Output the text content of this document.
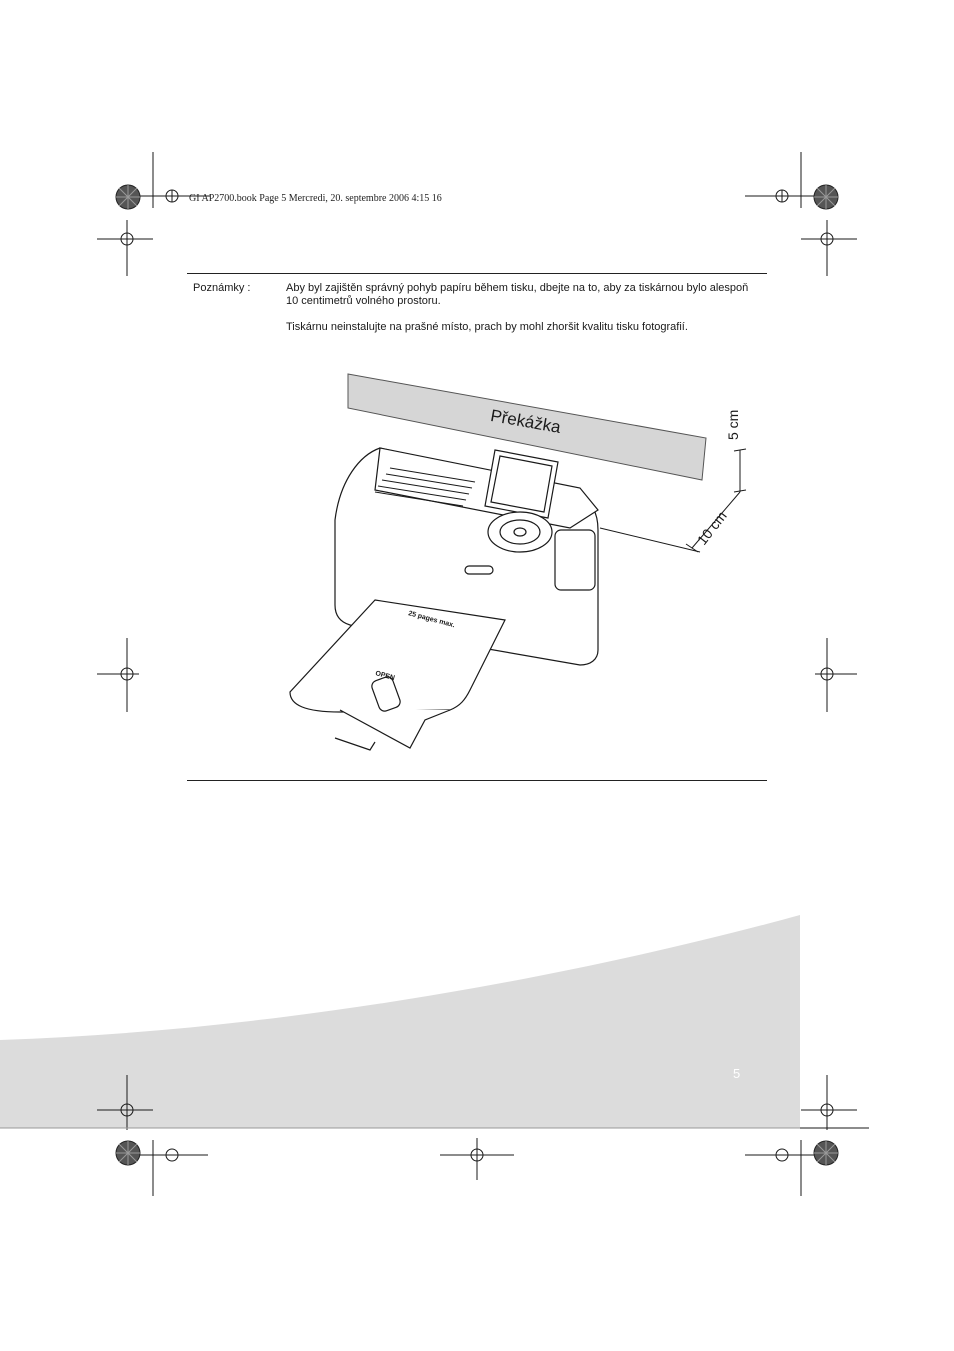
GI AP2700.book Page 5 Mercredi, 20. septembre 2006 4:15 16
Poznámky :	Aby byl zajištěn správný pohyb papíru během tisku, dbejte na to, aby za tiskárnou bylo alespoň 10 centimetrů volného prostoru.

Tiskárnu neinstalujte na prašné místo, prach by mohl zhoršit kvalitu tisku fotografií.

Překážka	5 cm
10 cm
25 pages max.
OPEN
5
